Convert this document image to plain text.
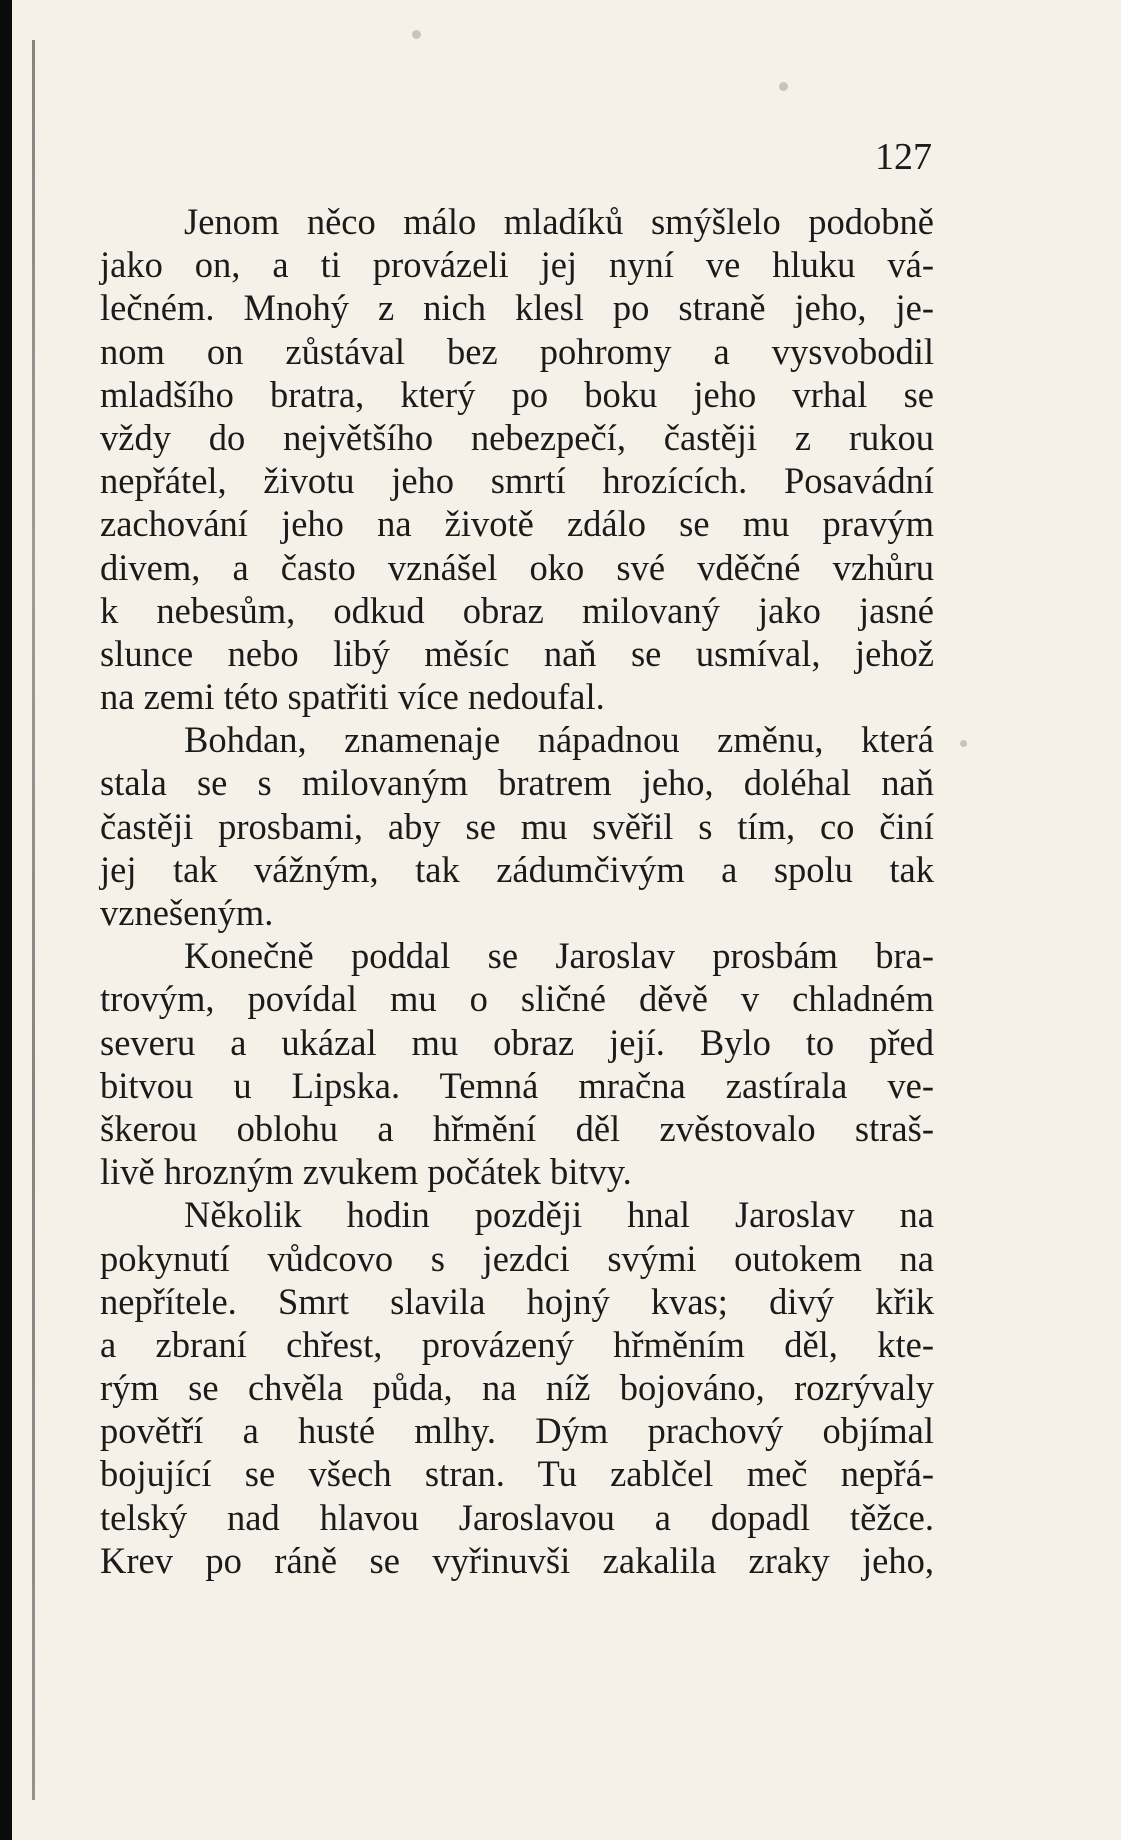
127
Jenom něco málo mladíků smýšlelo podobně
jako on, a ti provázeli jej nyní ve hluku vá-
lečném. Mnohý z nich klesl po straně jeho, je-
nom on zůstával bez pohromy a vysvobodil
mladšího bratra, který po boku jeho vrhal se
vždy do největšího nebezpečí, častěji z rukou
nepřátel, životu jeho smrtí hrozících. Posavádní
zachování jeho na životě zdálo se mu pravým
divem, a často vznášel oko své vděčné vzhůru
k nebesům, odkud obraz milovaný jako jasné
slunce nebo libý měsíc naň se usmíval, jehož
na zemi této spatřiti více nedoufal.
Bohdan, znamenaje nápadnou změnu, která
stala se s milovaným bratrem jeho, doléhal naň
častěji prosbami, aby se mu svěřil s tím, co činí
jej tak vážným, tak zádumčivým a spolu tak
vznešeným.
Konečně poddal se Jaroslav prosbám bra-
trovým, povídal mu o sličné děvě v chladném
severu a ukázal mu obraz její. Bylo to před
bitvou u Lipska. Temná mračna zastírala ve-
škerou oblohu a hřmění děl zvěstovalo straš-
livě hrozným zvukem počátek bitvy.
Několik hodin později hnal Jaroslav na
pokynutí vůdcovo s jezdci svými outokem na
nepřítele. Smrt slavila hojný kvas; divý křik
a zbraní chřest, provázený hřměním děl, kte-
rým se chvěla půda, na níž bojováno, rozrývaly
povětří a husté mlhy. Dým prachový objímal
bojující se všech stran. Tu zablčel meč nepřá-
telský nad hlavou Jaroslavou a dopadl těžce.
Krev po ráně se vyřinuvši zakalila zraky jeho,
